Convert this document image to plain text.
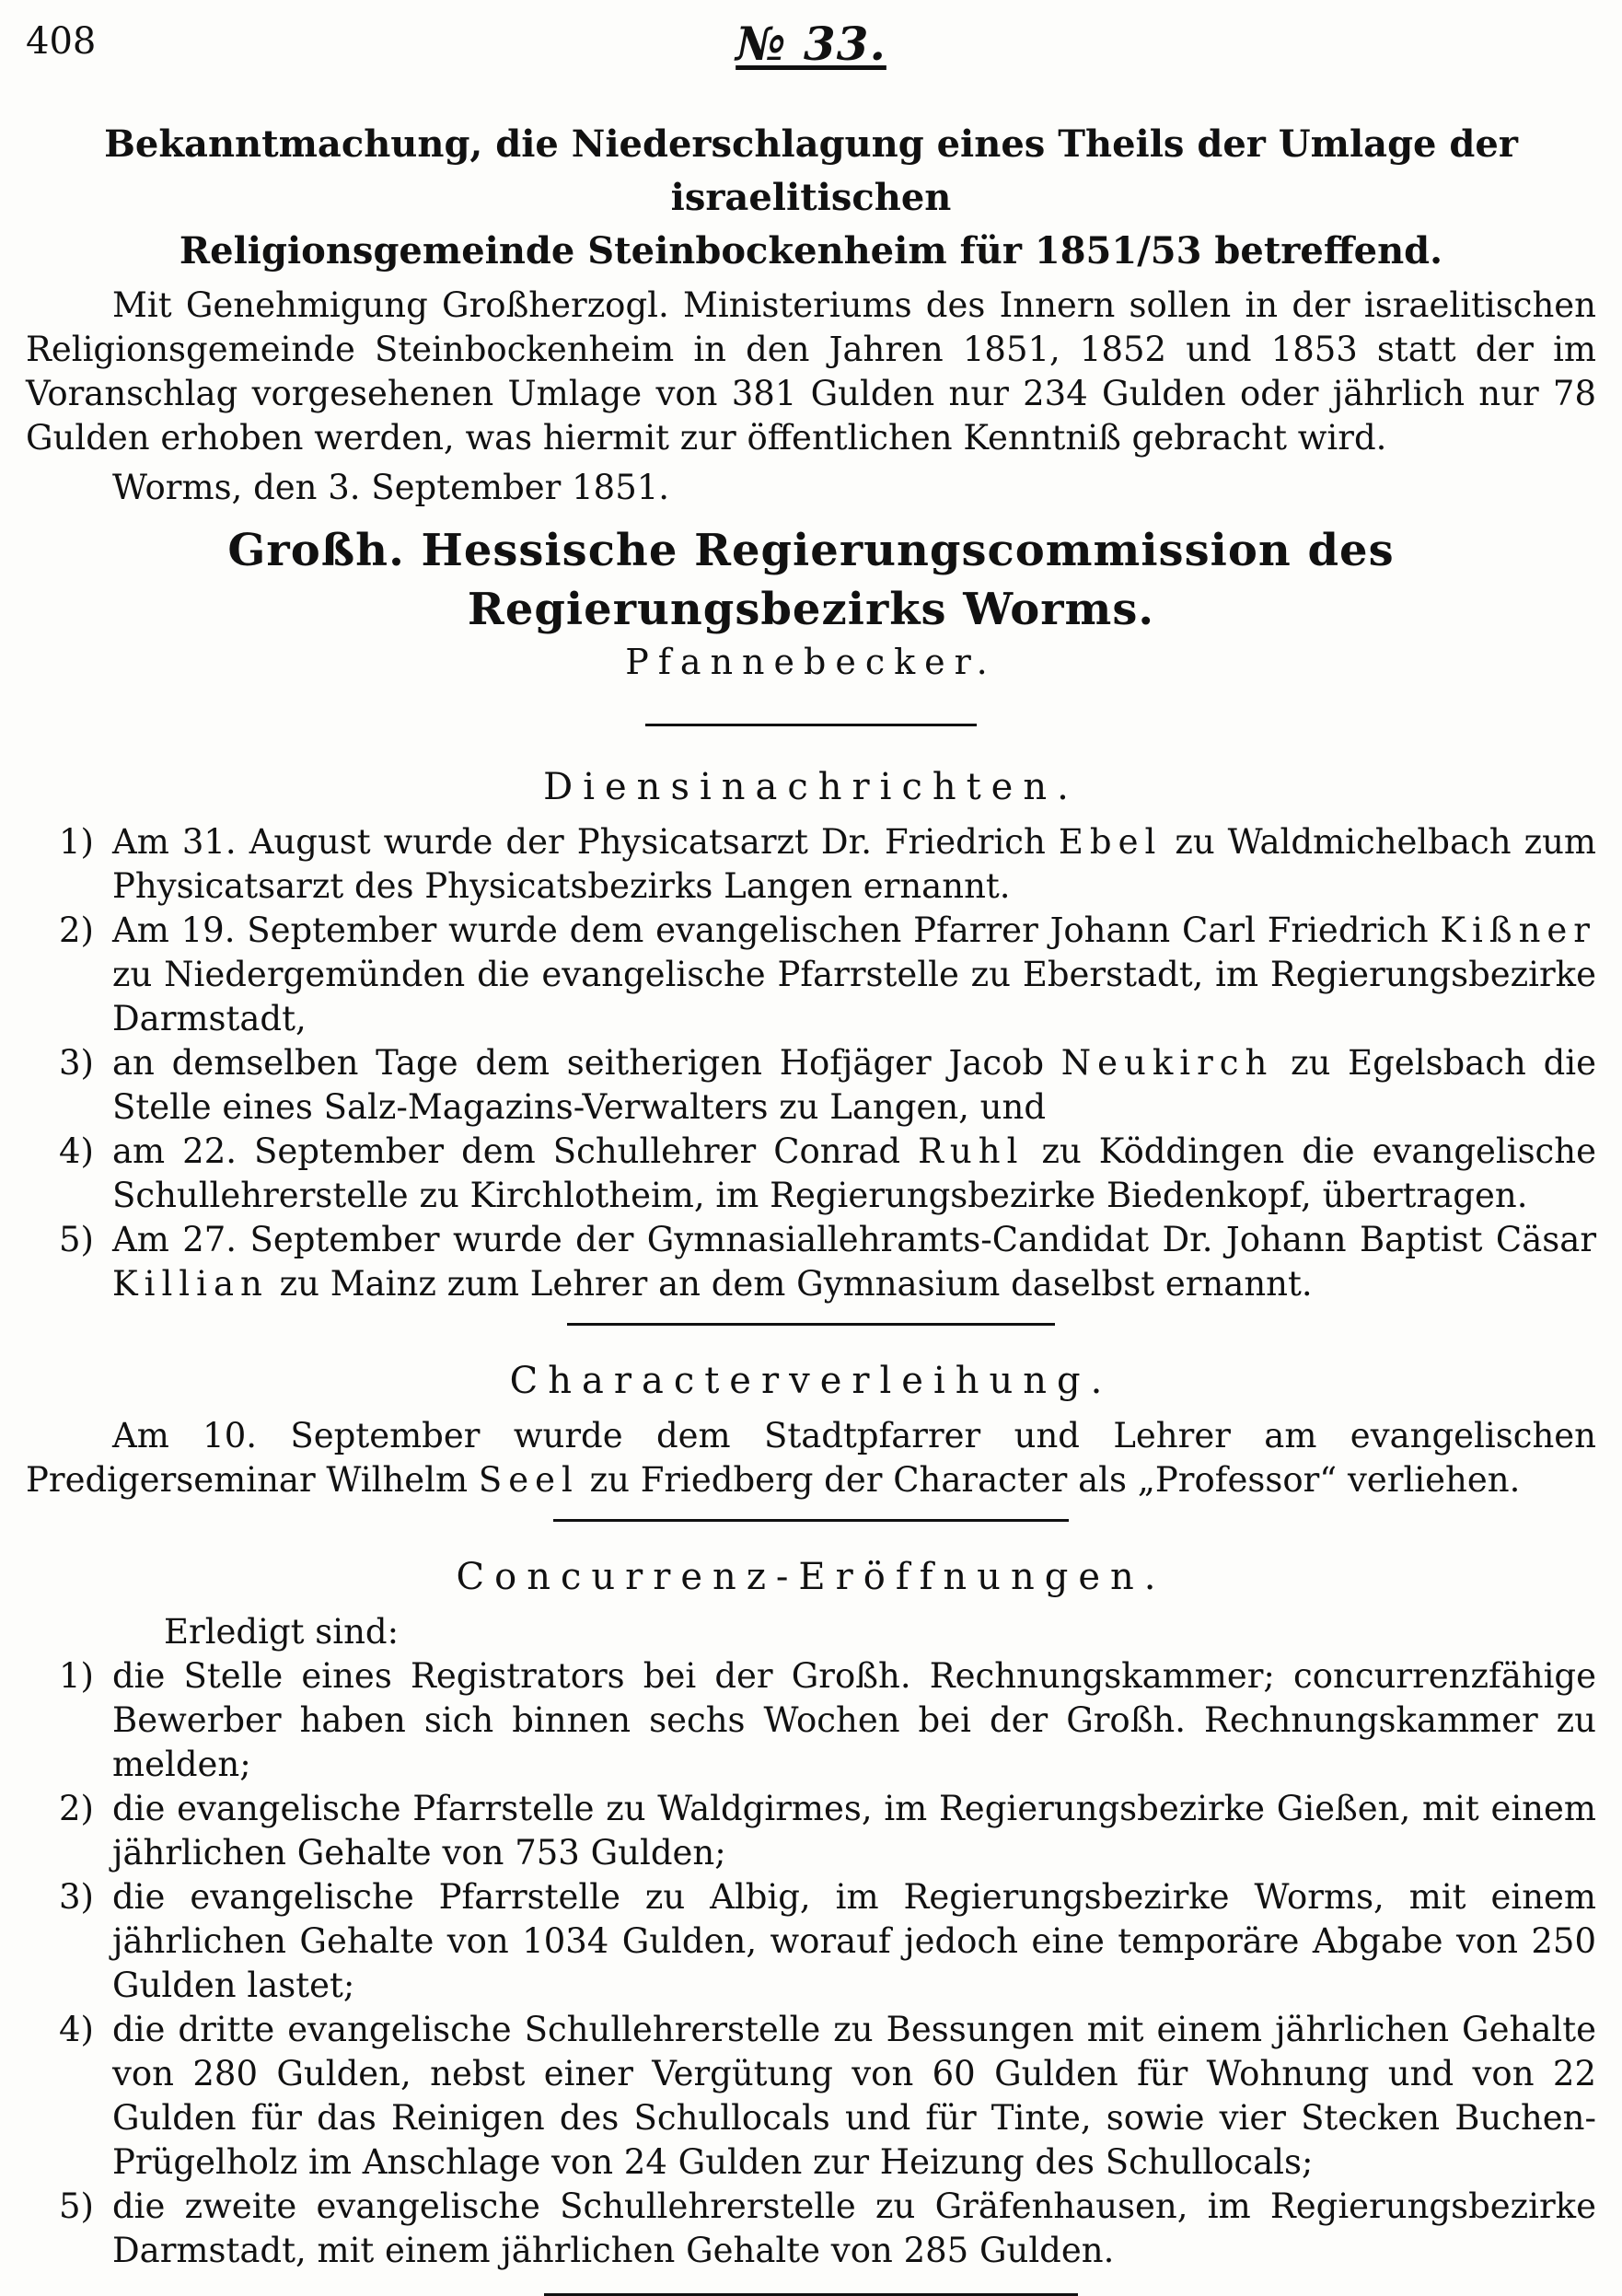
408	№ 33.
Bekanntmachung, die Niederschlagung eines Theils der Umlage der israelitischen
Religionsgemeinde Steinbockenheim für 1851/53 betreffend.

Mit Genehmigung Großherzogl. Ministeriums des Innern sollen in der israelitischen Religionsgemeinde Steinbockenheim in den Jahren 1851, 1852 und 1853 statt der im Voranschlag vorgesehenen Umlage von 381 Gulden nur 234 Gulden oder jährlich nur 78 Gulden erhoben werden, was hiermit zur öffentlichen Kenntniß gebracht wird.

Worms, den 3. September 1851.
Großh. Hessische Regierungscommission des Regierungsbezirks Worms.
Pfannebecker.
Diensinachrichten.
1) Am 31. August wurde der Physicatsarzt Dr. Friedrich Ebel zu Waldmichelbach zum Physicatsarzt des Physicatsbezirks Langen ernannt.
2) Am 19. September wurde dem evangelischen Pfarrer Johann Carl Friedrich Kißner zu Niedergemünden die evangelische Pfarrstelle zu Eberstadt, im Regierungsbezirke Darmstadt,
3) an demselben Tage dem seitherigen Hofjäger Jacob Neukirch zu Egelsbach die Stelle eines Salz-Magazins-Verwalters zu Langen, und
4) am 22. September dem Schullehrer Conrad Ruhl zu Köddingen die evangelische Schullehrerstelle zu Kirchlotheim, im Regierungsbezirke Biedenkopf, übertragen.
5) Am 27. September wurde der Gymnasiallehramts-Candidat Dr. Johann Baptist Cäsar Killian zu Mainz zum Lehrer an dem Gymnasium daselbst ernannt.
Characterverleihung.

Am 10. September wurde dem Stadtpfarrer und Lehrer am evangelischen Predigerseminar Wilhelm Seel zu Friedberg der Character als „Professor“ verliehen.

Concurrenz-Eröffnungen.
Erledigt sind:
1) die Stelle eines Registrators bei der Großh. Rechnungskammer; concurrenzfähige Bewerber haben sich binnen sechs Wochen bei der Großh. Rechnungskammer zu melden;
2) die evangelische Pfarrstelle zu Waldgirmes, im Regierungsbezirke Gießen, mit einem jährlichen Gehalte von 753 Gulden;
3) die evangelische Pfarrstelle zu Albig, im Regierungsbezirke Worms, mit einem jährlichen Gehalte von 1034 Gulden, worauf jedoch eine temporäre Abgabe von 250 Gulden lastet;
4) die dritte evangelische Schullehrerstelle zu Bessungen mit einem jährlichen Gehalte von 280 Gulden, nebst einer Vergütung von 60 Gulden für Wohnung und von 22 Gulden für das Reinigen des Schullocals und für Tinte, sowie vier Stecken Buchen-Prügelholz im Anschlage von 24 Gulden zur Heizung des Schullocals;
5) die zweite evangelische Schullehrerstelle zu Gräfenhausen, im Regierungsbezirke Darmstadt, mit einem jährlichen Gehalte von 285 Gulden.
